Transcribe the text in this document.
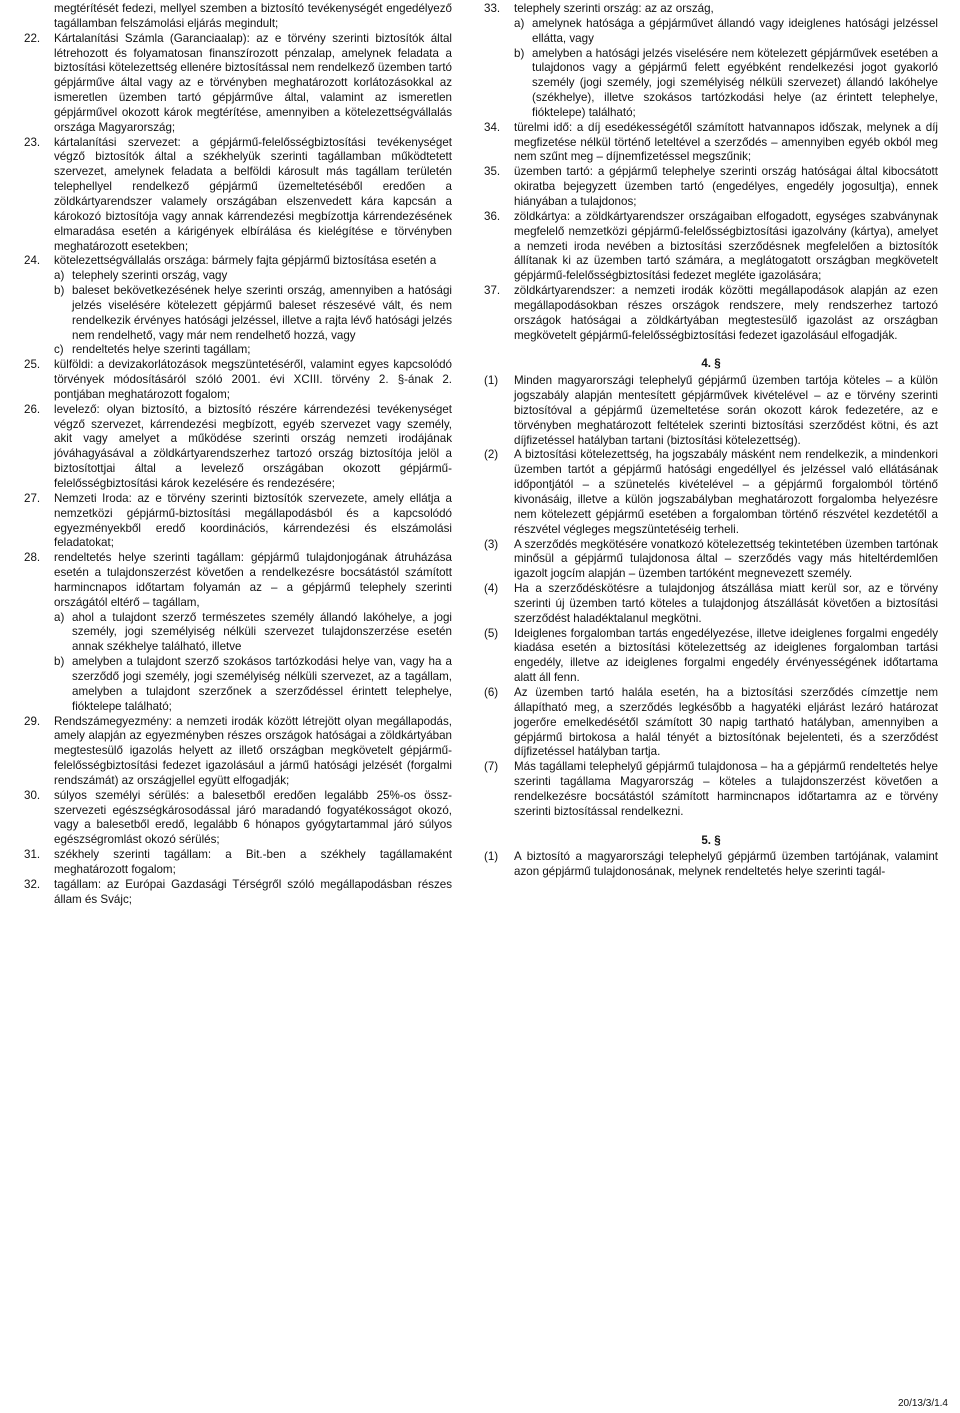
megtérítését fedezi, mellyel szemben a biztosító tevékenységét engedélyező tagállamban felszámolási eljárás megindult;
22. Kártalanítási Számla (Garanciaalap): az e törvény szerinti biztosítók által létrehozott és folyamatosan finanszírozott pénzalap, amelynek feladata a biztosítási kötelezettség ellenére biztosítással nem rendelkező üzemben tartó gépjárműve által vagy az e törvényben meghatározott korlátozásokkal az ismeretlen üzemben tartó gépjárműve által, valamint az ismeretlen gépjárművel okozott károk megtérítése, amennyiben a kötelezettségvállalás országa Magyarország;
23. kártalanítási szervezet: a gépjármű-felelősségbiztosítási tevékenységet végző biztosítók által a székhelyük szerinti tagállamban működtetett szervezet, amelynek feladata a belföldi károsult más tagállam területén telephellyel rendelkező gépjármű üzemeltetéséből eredően a zöldkártyarendszer valamely országában elszenvedett kára kapcsán a károkozó biztosítója vagy annak kárrendezési megbízottja kárrendezésének elmaradása esetén a kárigények elbírálása és kielégítése e törvényben meghatározott esetekben;
24. kötelezettségvállalás országa: bármely fajta gépjármű biztosítása esetén a
a) telephely szerinti ország, vagy
b) baleset bekövetkezésének helye szerinti ország, amennyiben a hatósági jelzés viselésére kötelezett gépjármű baleset részesévé vált, és nem rendelkezik érvényes hatósági jelzéssel, illetve a rajta lévő hatósági jelzés nem rendelhető, vagy már nem rendelhető hozzá, vagy
c) rendeltetés helye szerinti tagállam;
25. külföldi: a devizakorlátozások megszüntetéséről, valamint egyes kapcsolódó törvények módosításáról szóló 2001. évi XCIII. törvény 2. §-ának 2. pontjában meghatározott fogalom;
26. levelező: olyan biztosító, a biztosító részére kárrendezési tevékenységet végző szervezet, kárrendezési megbízott, egyéb szervezet vagy személy, akit vagy amelyet a működése szerinti ország nemzeti irodájának jóváhagyásával a zöldkártyarendszerhez tartozó ország biztosítója jelöl a biztosítottjai által a levelező országában okozott gépjármű-felelősségbiztosítási károk kezelésére és rendezésére;
27. Nemzeti Iroda: az e törvény szerinti biztosítók szervezete, amely ellátja a nemzetközi gépjármű-biztosítási megállapodásból és a kapcsolódó egyezményekből eredő koordinációs, kárrendezési és elszámolási feladatokat;
28. rendeltetés helye szerinti tagállam: gépjármű tulajdonjogának átruházása esetén a tulajdonszerzést követően a rendelkezésre bocsátástól számított harmincnapos időtartam folyamán az – a gépjármű telephely szerinti országától eltérő – tagállam,
a) ahol a tulajdont szerző természetes személy állandó lakóhelye, a jogi személy, jogi személyiség nélküli szervezet tulajdonszerzése esetén annak székhelye található, illetve
b) amelyben a tulajdont szerző szokásos tartózkodási helye van, vagy ha a szerződő jogi személy, jogi személyiség nélküli szervezet, az a tagállam, amelyben a tulajdont szerzőnek a szerződéssel érintett telephelye, fióktelepe található;
29. Rendszámegyezmény: a nemzeti irodák között létrejött olyan megállapodás, amely alapján az egyezményben részes országok hatóságai a zöldkártyában megtestesülő igazolás helyett az illető országban megkövetelt gépjármű-felelősségbiztosítási fedezet igazolásául a jármű hatósági jelzését (forgalmi rendszámát) az országjellel együtt elfogadják;
30. súlyos személyi sérülés: a balesetből eredően legalább 25%-os össz-szervezeti egészségkárosodással járó maradandó fogyatékosságot okozó, vagy a balesetből eredő, legalább 6 hónapos gyógytartammal járó súlyos egészségromlást okozó sérülés;
31. székhely szerinti tagállam: a Bit.-ben a székhely tagállamaként meghatározott fogalom;
32. tagállam: az Európai Gazdasági Térségről szóló megállapodásban részes állam és Svájc;
33. telephely szerinti ország: az az ország,
a) amelynek hatósága a gépjárművet állandó vagy ideiglenes hatósági jelzéssel ellátta, vagy
b) amelyben a hatósági jelzés viselésére nem kötelezett gépjárművek esetében a tulajdonos vagy a gépjármű felett egyébként rendelkezési jogot gyakorló személy (jogi személy, jogi személyiség nélküli szervezet) állandó lakóhelye (székhelye), illetve szokásos tartózkodási helye (az érintett telephelye, fióktelepe) található;
34. türelmi idő: a díj esedékességétől számított hatvannapos időszak, melynek a díj megfizetése nélkül történő leteltével a szerződés – amennyiben egyéb okból meg nem szűnt meg – díjnemfizetéssel megszűnik;
35. üzemben tartó: a gépjármű telephelye szerinti ország hatóságai által kibocsátott okiratba bejegyzett üzemben tartó (engedélyes, engedély jogosultja), ennek hiányában a tulajdonos;
36. zöldkártya: a zöldkártyarendszer országaiban elfogadott, egységes szabványnak megfelelő nemzetközi gépjármű-felelősségbiztosítási igazolvány (kártya), amelyet a nemzeti iroda nevében a biztosítási szerződésnek megfelelően a biztosítók állítanak ki az üzemben tartó számára, a meglátogatott országban megkövetelt gépjármű-felelősségbiztosítási fedezet megléte igazolására;
37. zöldkártyarendszer: a nemzeti irodák közötti megállapodások alapján az ezen megállapodásokban részes országok rendszere, mely rendszerhez tartozó országok hatóságai a zöldkártyában megtestesülő igazolást az országban megkövetelt gépjármű-felelősségbiztosítási fedezet igazolásául elfogadják.
4. §
(1) Minden magyarországi telephelyű gépjármű üzemben tartója köteles – a külön jogszabály alapján mentesített gépjárművek kivételével – az e törvény szerinti biztosítóval a gépjármű üzemeltetése során okozott károk fedezetére, az e törvényben meghatározott feltételek szerinti biztosítási szerződést kötni, és azt díjfizetéssel hatályban tartani (biztosítási kötelezettség).
(2) A biztosítási kötelezettség, ha jogszabály másként nem rendelkezik, a mindenkori üzemben tartót a gépjármű hatósági engedéllyel és jelzéssel való ellátásának időpontjától – a szünetelés kivételével – a gépjármű forgalomból történő kivonásáig, illetve a külön jogszabályban meghatározott forgalomba helyezésre nem kötelezett gépjármű esetében a forgalomban történő részvétel kezdetétől a részvétel végleges megszüntetéséig terheli.
(3) A szerződés megkötésére vonatkozó kötelezettség tekintetében üzemben tartónak minősül a gépjármű tulajdonosa által – szerződés vagy más hiteltérdemlően igazolt jogcím alapján – üzemben tartóként megnevezett személy.
(4) Ha a szerződéskötésre a tulajdonjog átszállása miatt kerül sor, az e törvény szerinti új üzemben tartó köteles a tulajdonjog átszállását követően a biztosítási szerződést haladéktalanul megkötni.
(5) Ideiglenes forgalomban tartás engedélyezése, illetve ideiglenes forgalmi engedély kiadása esetén a biztosítási kötelezettség az ideiglenes forgalomban tartási engedély, illetve az ideiglenes forgalmi engedély érvényességének időtartama alatt áll fenn.
(6) Az üzemben tartó halála esetén, ha a biztosítási szerződés címzettje nem állapítható meg, a szerződés legkésőbb a hagyatéki eljárást lezáró határozat jogerőre emelkedésétől számított 30 napig tartható hatályban, amennyiben a gépjármű birtokosa a halál tényét a biztosítónak bejelenteti, és a szerződést díjfizetéssel hatályban tartja.
(7) Más tagállami telephelyű gépjármű tulajdonosa – ha a gépjármű rendeltetés helye szerinti tagállama Magyarország – köteles a tulajdonszerzést követően a rendelkezésre bocsátástól számított harmincnapos időtartamra az e törvény szerinti biztosítással rendelkezni.
5. §
(1) A biztosító a magyarországi telephelyű gépjármű üzemben tartójának, valamint azon gépjármű tulajdonosának, melynek rendeltetés helye szerinti tagál-
20/13/3/1.4
